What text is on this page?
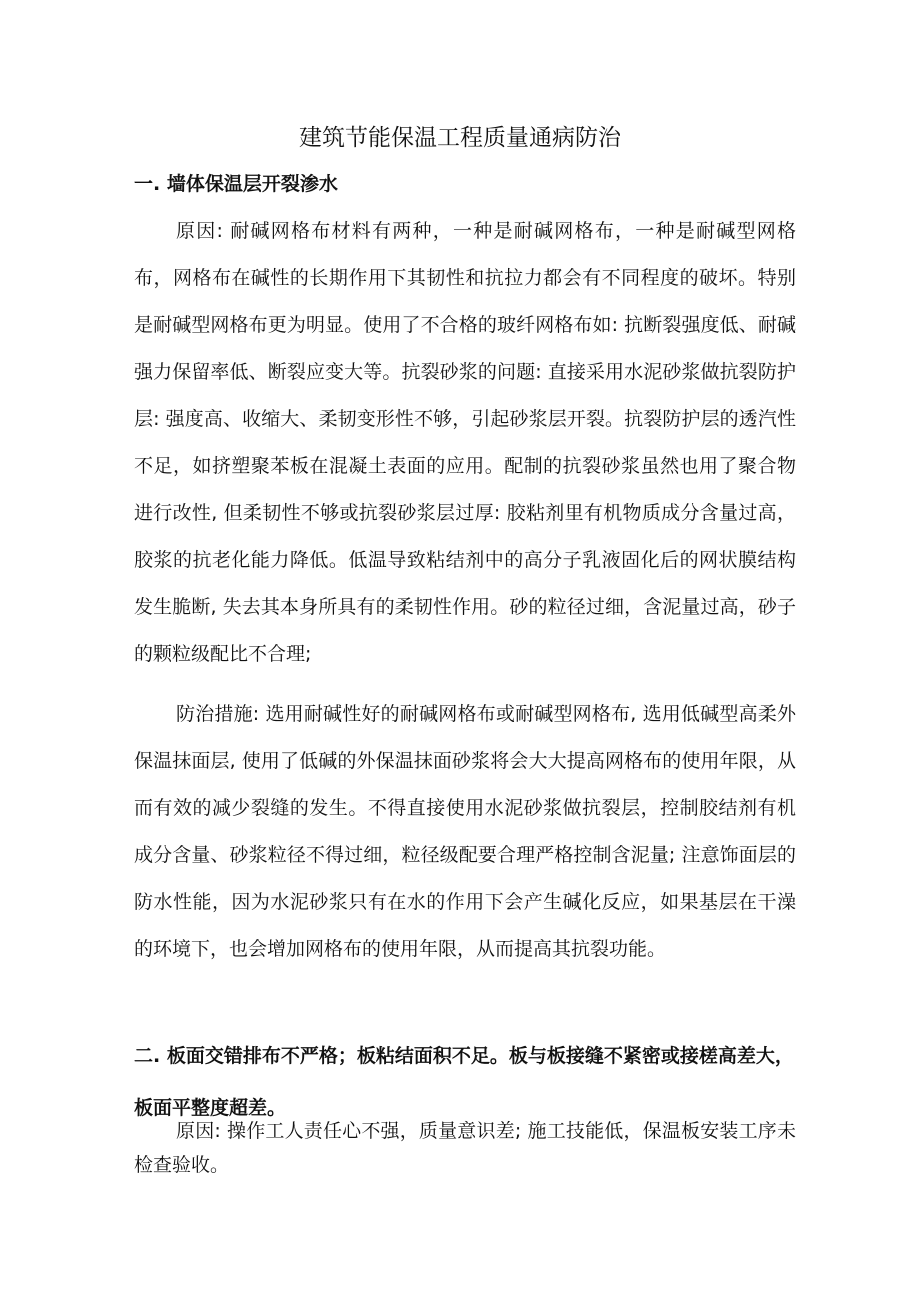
建筑节能保温工程质量通病防治
一. 墙体保温层开裂渗水

原因: 耐碱网格布材料有两种，一种是耐碱网格布，一种是耐碱型网格布，网格布在碱性的长期作用下其韧性和抗拉力都会有不同程度的破坏。特别是耐碱型网格布更为明显。使用了不合格的玻纤网格布如: 抗断裂强度低、耐碱强力保留率低、断裂应变大等。抗裂砂浆的问题: 直接采用水泥砂浆做抗裂防护层: 强度高、收缩大、柔韧变形性不够，引起砂浆层开裂。抗裂防护层的透汽性不足，如挤塑聚苯板在混凝土表面的应用。配制的抗裂砂浆虽然也用了聚合物进行改性, 但柔韧性不够或抗裂砂浆层过厚: 胶粘剂里有机物质成分含量过高，胶浆的抗老化能力降低。低温导致粘结剂中的高分子乳液固化后的网状膜结构发生脆断, 失去其本身所具有的柔韧性作用。砂的粒径过细，含泥量过高，砂子的颗粒级配比不合理;

防治措施: 选用耐碱性好的耐碱网格布或耐碱型网格布, 选用低碱型高柔外保温抹面层, 使用了低碱的外保温抹面砂浆将会大大提高网格布的使用年限，从而有效的减少裂缝的发生。不得直接使用水泥砂浆做抗裂层，控制胶结剂有机成分含量、砂浆粒径不得过细，粒径级配要合理严格控制含泥量; 注意饰面层的防水性能，因为水泥砂浆只有在水的作用下会产生碱化反应，如果基层在干澡的环境下，也会增加网格布的使用年限，从而提高其抗裂功能。

二. 板面交错排布不严格；板粘结面积不足。板与板接缝不紧密或接槎高差大，板面平整度超差。

原因: 操作工人责任心不强，质量意识差; 施工技能低，保温板安装工序未检查验收。
